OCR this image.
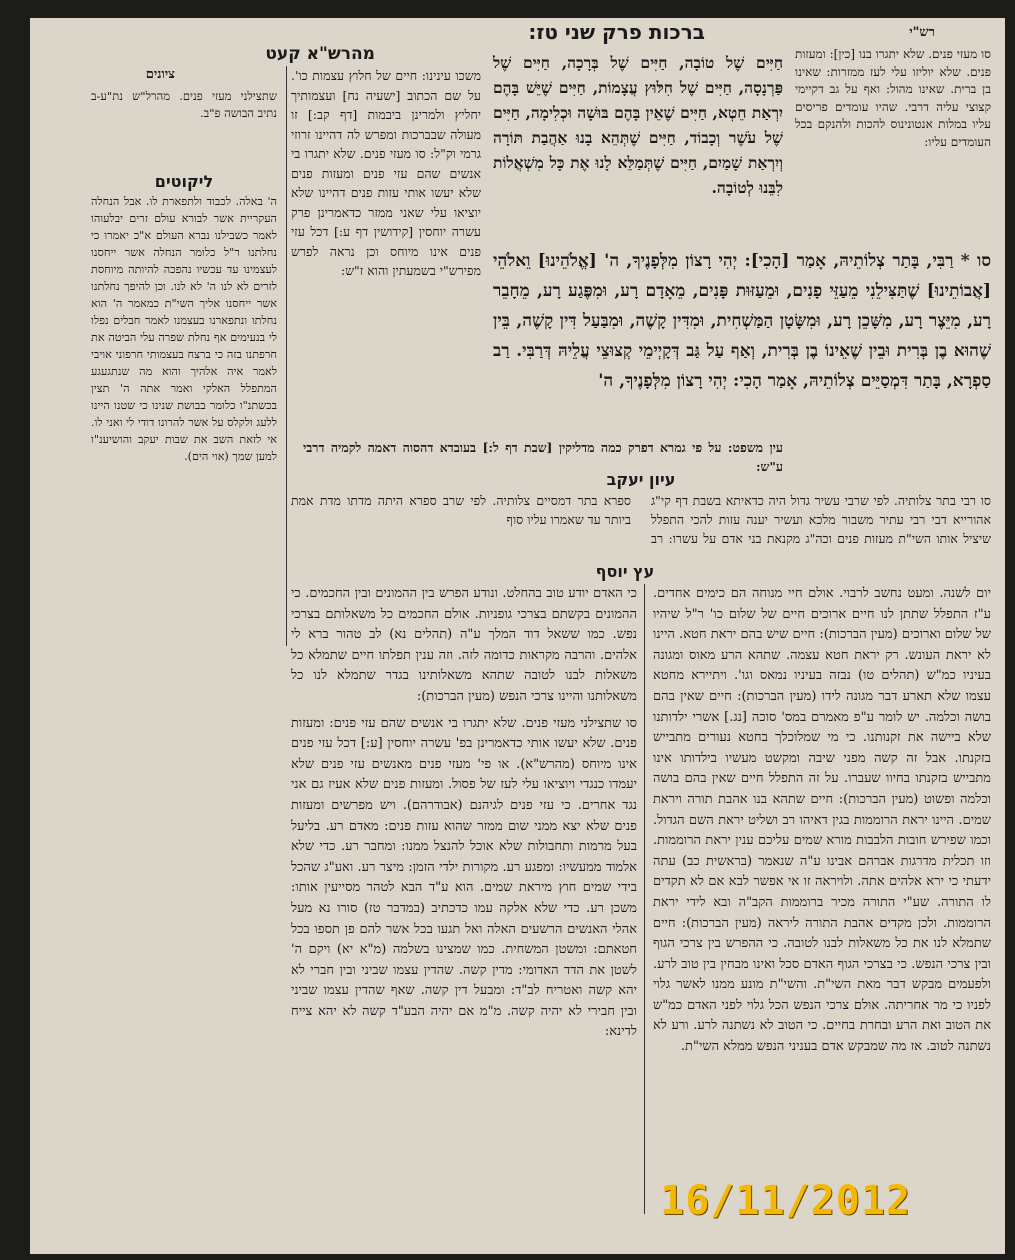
רש"י
ברכות פרק שני טז:
מהרש"א קעט
ציונים
סו מעזי פנים. שלא יתגרו בנו [כין]: ומעזות פנים. שלא יוליזו עלי לעז ממזרות: שאינו בן ברית. שאינו מהול: ואף על גב דקיימי קצוצי עליה דרבי. שהיו עומדים פריסים עליו במלות אנטונינוס להכות ולהנקם בכל העומדים עליו:
חַיִּים שֶׁל טוֹבָה, חַיִּים שֶׁל בְּרָכָה, חַיִּים שֶׁל פַּרְנָסָה, חַיִּים שֶׁל חִלּוּץ עֲצָמוֹת, חַיִּים שֶׁיֵּשׁ בָּהֶם יִרְאַת חֵטְא, חַיִּים שֶׁאֵין בָּהֶם בּוּשָׁה וּכְלִימָה, חַיִּים שֶׁל עֹשֶׁר וְכָבוֹד, חַיִּים שֶׁתְּהֵא בָנוּ אַהֲבַת תּוֹרָה וְיִרְאַת שָׁמַיִם, חַיִּים שֶׁתְּמַלֵּא לָנוּ אֶת כָּל מִשְׁאֲלוֹת לִבֵּנוּ לְטוֹבָה.
סו * רַבִּי, בָּתַר צְלוֹתֵיהּ, אָמַר [הָכִי]: יְהִי רָצוֹן מִלְּפָנֶיךָ, ה' [אֱלֹהֵינוּ] וֵאלֹהֵי [אֲבוֹתֵינוּ] שֶׁתַּצִּילֵנִי מֵעַזֵּי פָנִים, וּמֵעַזּוּת פָּנִים, מֵאָדָם רָע, וּמִפֶּגַע רָע, מֵחָבֵר רָע, מִיֵּצֶר רָע, מִשָּׁכֵן רָע, וּמִשָּׂטָן הַמַּשְׁחִית, וּמִדִּין קָשֶׁה, וּמִבַּעַל דִּין קָשֶׁה, בֵּין שֶׁהוּא בֶן בְּרִית וּבֵין שֶׁאֵינוֹ בֶן בְּרִית, וְאַף עַל גַּב דְּקָיְימֵי קְצוּצֵי עֲלֵיהּ דְּרַבִּי. רַב סַפְרָא, בָּתַר דִּמְסַיֵּים צְלוֹתֵיהּ, אָמַר הָכִי: יְהִי רָצוֹן מִלְּפָנֶיךָ, ה'
עין משפט: על פי גמרא דפרק כמה מדליקין [שבת דף ל:] בעובדא דהסוה דאמה לקמיה דרבי ע"ש:
משכו עינינו: חיים של חלוץ עצמות כו'. על שם הכתוב [ישעיה נח] ועצמותיך יחליץ ולמרינן ביבמות [דף קב:] זו מעולה שבברכות ומפרש לה דהיינו זרוזי גרמי וק"ל: סו מעזי פנים. שלא יתגרו בי אנשים שהם עזי פנים ומעזות פנים שלא יעשו אותי עזות פנים דהיינו שלא יוציאו עלי שאני ממזר כדאמרינן פרק עשרה יוחסין [קידושין דף ע:] דכל עזי פנים אינו מיוחס וכן נראה לפרש מפירש"י בשמעתין והוא ז"ש:
שתצילני מעזי פנים. מהרל"ש נת"ע-ב נתיב הבושה פ"ב.
ליקוטים
ה' באלה. לכבוד ולתפארת לו. אבל הנחלה העקריית אשר לבורא עולם זרים יבלעוהו לאמר כשבילנו נברא העולם א"כ יאמרו כי נחלתנו ר"ל כלומר הנחלה אשר ייחסנו לעצמינו עד עכשיו נהפכה להיותה מיוחסת לזרים לא לנו ה' לא לנו. וכן להיפך נחלתנו אשר ייחסנו אליך השי"ת כמאמר ה' הוא נחלתו ונתפארנו בעצמנו לאמר חבלים נפלו לי בנעימים אף נחלת שפרה עלי הביטה את חרפתנו בזה כי ברצח בעצמותי חרפוני אויבי לאמר איה אלהיך והוא מה שנתגעגע המתפלל האלקי ואמר אתה ה' תצין בכשתנ"ו כלומר בבושת שנינו כי שטנו היינו ללעג ולקלס על אשר להרונו דודי לי ואני לו. אי לזאת השב את שבות יעקב והושיענ"ו למען שמך (אוי הים).
עיון יעקב
סו רבי בתר צלותיה. לפי שרבי עשיר גדול היה כדאיתא בשבת דף קי"ג אהורייא דבי רבי עתיר משבור מלכא ועשיר יענה עזות להכי התפלל שיציל אותו השי"ת מעזות פנים וכה"ג מקנאת בני אדם על עשרו: רב ספרא בתר דמסיים צלותיה. לפי שרב ספרא היתה מדתו מדת אמת ביותר עד שאמרו עליו סוף
עץ יוסף
יום לשנה. ומעט נחשב לרבוי. אולם חיי מנוחה הם כימים אחדים. ע"ז התפלל שתתן לנו חיים ארוכים חיים של שלום כו' ר"ל שיהיו של שלום וארוכים (מעין הברכות): חיים שיש בהם יראת חטא. היינו לא יראת העונש. רק יראת חטא עצמה. שתהא הרע מאוס ומגונה בעיניו כמ"ש (תהלים טו) נבזה בעיניו נמאס וגו'. ויתיירא מחטא עצמו שלא תארע דבר מגונה לידו (מעין הברכות): חיים שאין בהם בושה וכלמה. יש לומר ע"פ מאמרם במס' סוכה [נג.] אשרי ילדותנו שלא ביישה את זקנותנו. כי מי שמלוכלך בחטא נעורים מתבייש בזקנתו. אבל זה קשה מפני שיבה ומקשט מעשיו בילדותו אינו מתבייש בזקנתו בחיוו שעברו. על זה התפלל חיים שאין בהם בושה וכלמה ופשוט (מעין הברכות): חיים שתהא בנו אהבת תורה ויראת שמים. היינו יראת הרוממות בגין דאיהו רב ושליט יראת השם הגדול. וכמו שפירש חובות הלבבות מורא שמים עליכם ענין יראת הרוממות. וזו תכלית מדרגות אברהם אבינו ע"ה שנאמר (בראשית כב) עתה ידעתי כי ירא אלהים אתה. ולויראה זו אי אפשר לבא אם לא תקדים לו התורה. שע"י התורה מכיר ברוממות הקב"ה ובא לידי יראת הרוממות. ולכן מקדים אהבת התורה ליראה (מעין הברכות): חיים שתמלא לנו את כל משאלות לבנו לטובה. כי ההפרש בין צרכי הגוף ובין צרכי הנפש. כי בצרכי הגוף האדם סכל ואינו מבחין בין טוב לרע. ולפעמים מבקש דבר מאת השי"ת. והשי"ת מונע ממנו לאשר גלוי לפניו כי מר אחריתה. אולם צרכי הנפש הכל גלוי לפני האדם כמ"ש את הטוב ואת הרע ובחרת בחיים. כי הטוב לא נשתנה לרע. ורע לא נשתנה לטוב. אז מה שמבקש אדם בעניני הנפש ממלא השי"ת.

כי האדם יודע טוב בהחלט. ונודע הפרש בין ההמונים ובין החכמים. כי ההמונים בקשתם בצרכי גופניות. אולם החכמים כל משאלותם בצרכי נפש. כמו ששאל דוד המלך ע"ה (תהלים נא) לב טהור ברא לי אלהים. והרבה מקראות כדומה לזה. וזה ענין תפלתו חיים שתמלא כל משאלות לבנו לטובה שתהא משאלותינו בגדר שתמלא לנו כל משאלותנו והיינו צרכי הנפש (מעין הברכות):

סו שתצילני מעזי פנים. שלא יתגרו בי אנשים שהם עזי פנים: ומעזות פנים. שלא יעשו אותי כדאמרינן בפ' עשרה יוחסין [ע:] דכל עזי פנים אינו מיוחס (מהרש"א). או פי' מעזי פנים מאנשים עזי פנים שלא יעמדו כנגדי ויוציאו עלי לעז של פסול. ומעזות פנים שלא אעיז גם אני נגד אחרים. כי עזי פנים לגיהנם (אבודרהם). ויש מפרשים ומעזות פנים שלא יצא ממני שום ממזר שהוא עזות פנים: מאדם רע. בליעל בעל מרמות ותחבולות שלא אוכל להנצל ממנו: ומחבר רע. כדי שלא אלמוד ממעשיו: ומפגע רע. מקורות ילדי הזמן: מיצר רע. ואע"ג שהכל בידי שמים חוץ מיראת שמים. הוא ע"ד הבא לטהר מסייעין אותו: משכן רע. כדי שלא אלקה עמו כדכתיב (במדבר טז) סורו נא מעל אהלי האנשים הרשעים האלה ואל תגעו בכל אשר להם פן תספו בכל חטאתם: ומשטן המשחית. כמו שמצינו בשלמה (מ"א יא) ויקם ה' לשטן את הדד האדומי: מדין קשה. שהדין עצמו שביני ובין חברי לא יהא קשה ואטריח לב"ד: ומבעל דין קשה. שאף שהדין עצמו שביני ובין חבירי לא יהיה קשה. מ"מ אם יהיה הבע"ד קשה לא יהא צייח לדינא:

16/11/2012
